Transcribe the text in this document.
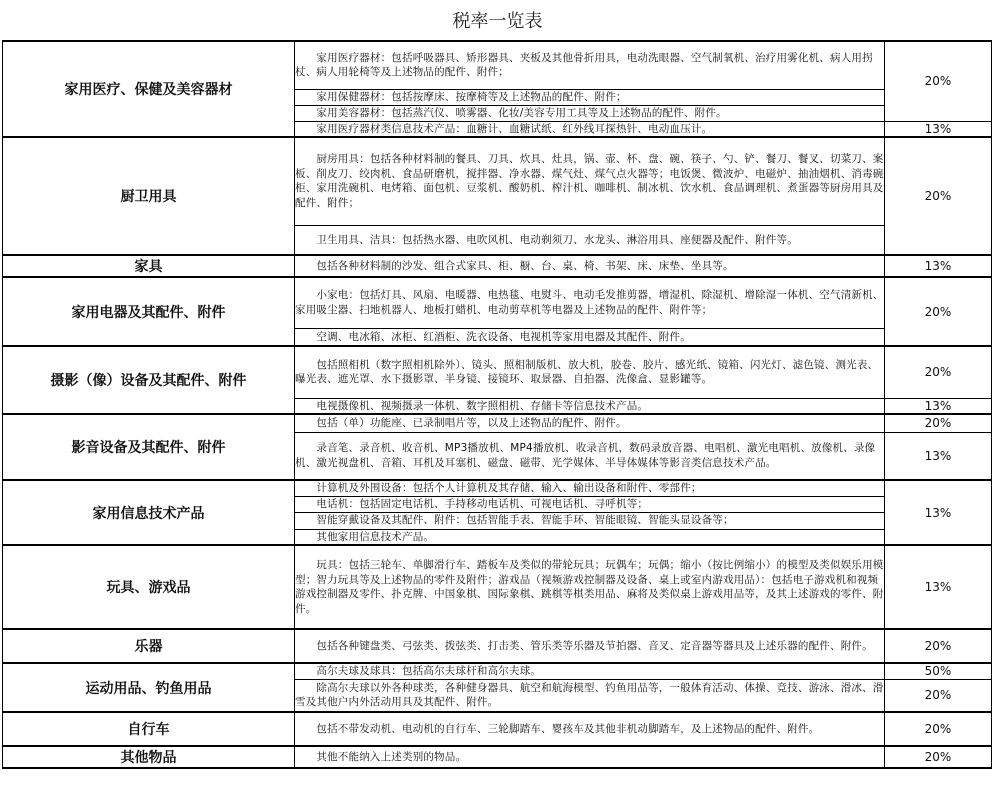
税率一览表
家用医疗、保健及美容器材	　　家用医疗器材：包括呼吸器具、矫形器具、夹板及其他骨折用具，电动洗眼器、空气制氧机、治疗用雾化机、病人用拐杖、病人用轮椅等及上述物品的配件、附件；	20%
	　　家用保健器材：包括按摩床、按摩椅等及上述物品的配件、附件；	
	　　家用美容器材：包括蒸汽仪、喷雾器、化妆/美容专用工具等及上述物品的配件、附件。	
	　　家用医疗器材类信息技术产品：血糖计、血糖试纸、红外线耳探热针、电动血压计。	13%
厨卫用具	　　厨房用具：包括各种材料制的餐具、刀具、炊具、灶具，锅、壶、杯、盘、碗、筷子、勺、铲、餐刀、餐叉、切菜刀、案板、削皮刀、绞肉机、食品研磨机，搅拌器、净水器、煤气灶、煤气点火器等；电饭煲、微波炉、电磁炉、抽油烟机、消毒碗柜、家用洗碗机、电烤箱、面包机、豆浆机、酸奶机、榨汁机、咖啡机、制冰机、饮水机、食品调理机、煮蛋器等厨房用具及配件、附件；	20%
	　　卫生用具、洁具：包括热水器、电吹风机、电动剃须刀、水龙头、淋浴用具、座便器及配件、附件等。	
家具	　　包括各种材料制的沙发、组合式家具、柜、橱、台、桌、椅、书架、床、床垫、坐具等。	13%
家用电器及其配件、附件	　　小家电：包括灯具、风扇、电暖器、电热毯、电熨斗、电动毛发推剪器，增湿机、除湿机、增除湿一体机、空气清新机、家用吸尘器、扫地机器人、地板打蜡机、电动剪草机等电器及上述物品的配件、附件等；	20%
	　　空调、电冰箱、冰柜、红酒柜、洗衣设备、电视机等家用电器及其配件、附件。	
摄影（像）设备及其配件、附件	　　包括照相机（数字照相机除外）、镜头、照相制版机、放大机，胶卷、胶片、感光纸、镜箱、闪光灯、滤色镜、测光表、曝光表、遮光罩、水下摄影罩、半身镜、接镜环、取景器、自拍器、洗像盒、显影罐等。	20%
	　　电视摄像机、视频摄录一体机、数字照相机、存储卡等信息技术产品。	13%
影音设备及其配件、附件	　　包括（单）功能座、已录制唱片等，以及上述物品的配件、附件。	20%
	　　录音笔、录音机、收音机、MP3播放机、MP4播放机、收录音机，数码录放音器、电唱机、激光电唱机、放像机、录像机、激光视盘机、音箱、耳机及耳塞机、磁盘、磁带、光学媒体、半导体媒体等影音类信息技术产品。	13%
家用信息技术产品	　　计算机及外围设备：包括个人计算机及其存储、输入、输出设备和附件、零部件；	13%
	　　电话机：包括固定电话机、手持移动电话机、可视电话机、寻呼机等；	
	　　智能穿戴设备及其配件、附件：包括智能手表、智能手环、智能眼镜、智能头显设备等；	
	　　其他家用信息技术产品。	
玩具、游戏品	　　玩具：包括三轮车、单脚滑行车、踏板车及类似的带轮玩具；玩偶车；玩偶；缩小（按比例缩小）的模型及类似娱乐用模型；智力玩具等及上述物品的零件及附件；游戏品（视频游戏控制器及设备、桌上或室内游戏用品）：包括电子游戏机和视频游戏控制器及零件、扑克牌、中国象棋、国际象棋、跳棋等棋类用品、麻将及类似桌上游戏用品等，及其上述游戏的零件、附件。	13%
乐器	　　包括各种键盘类、弓弦类、拨弦类、打击类、管乐类等乐器及节拍器、音叉、定音器等器具及上述乐器的配件、附件。	20%
运动用品、钓鱼用品	　　高尔夫球及球具：包括高尔夫球杆和高尔夫球。	50%
	　　除高尔夫球以外各种球类，各种健身器具、航空和航海模型、钓鱼用品等，一般体育活动、体操、竞技、游泳、滑冰、滑雪及其他户内外活动用具及其配件、附件。	20%
自行车	　　包括不带发动机、电动机的自行车、三轮脚踏车、婴孩车及其他非机动脚踏车，及上述物品的配件、附件。	20%
其他物品	　　其他不能纳入上述类别的物品。	20%
